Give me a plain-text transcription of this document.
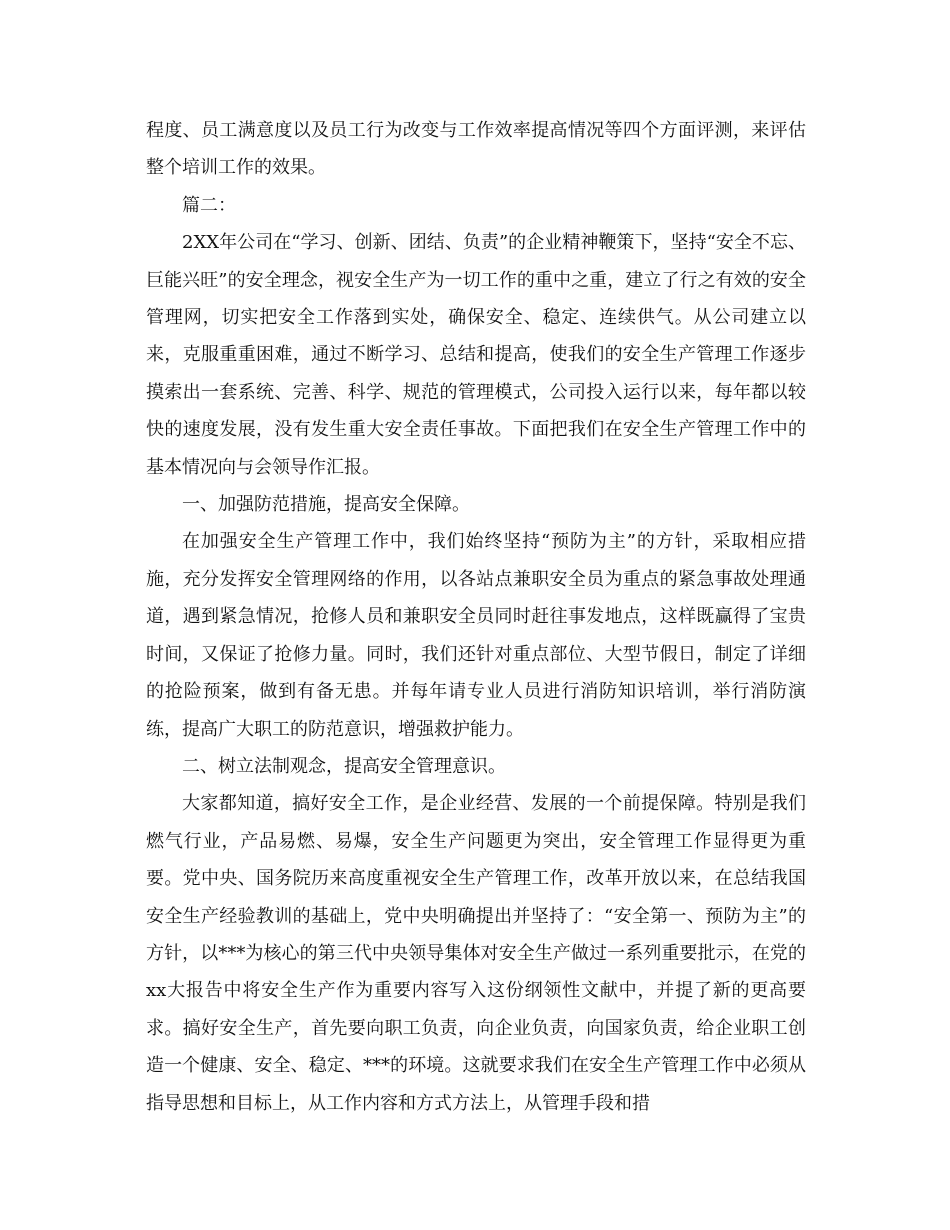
程度、员工满意度以及员工行为改变与工作效率提高情况等四个方面评测，来评估整个培训工作的效果。

篇二：

2XX年公司在“学习、创新、团结、负责”的企业精神鞭策下，坚持“安全不忘、巨能兴旺”的安全理念，视安全生产为一切工作的重中之重，建立了行之有效的安全管理网，切实把安全工作落到实处，确保安全、稳定、连续供气。从公司建立以来，克服重重困难，通过不断学习、总结和提高，使我们的安全生产管理工作逐步摸索出一套系统、完善、科学、规范的管理模式，公司投入运行以来，每年都以较快的速度发展，没有发生重大安全责任事故。下面把我们在安全生产管理工作中的基本情况向与会领导作汇报。

一、加强防范措施，提高安全保障。

在加强安全生产管理工作中，我们始终坚持“预防为主”的方针，采取相应措施，充分发挥安全管理网络的作用，以各站点兼职安全员为重点的紧急事故处理通道，遇到紧急情况，抢修人员和兼职安全员同时赶往事发地点，这样既赢得了宝贵时间，又保证了抢修力量。同时，我们还针对重点部位、大型节假日，制定了详细的抢险预案，做到有备无患。并每年请专业人员进行消防知识培训，举行消防演练，提高广大职工的防范意识，增强救护能力。

二、树立法制观念，提高安全管理意识。

大家都知道，搞好安全工作，是企业经营、发展的一个前提保障。特别是我们燃气行业，产品易燃、易爆，安全生产问题更为突出，安全管理工作显得更为重要。党中央、国务院历来高度重视安全生产管理工作，改革开放以来，在总结我国安全生产经验教训的基础上，党中央明确提出并坚持了：“安全第一、预防为主”的方针，以***为核心的第三代中央领导集体对安全生产做过一系列重要批示，在党的xx大报告中将安全生产作为重要内容写入这份纲领性文献中，并提了新的更高要求。搞好安全生产，首先要向职工负责，向企业负责，向国家负责，给企业职工创造一个健康、安全、稳定、***的环境。这就要求我们在安全生产管理工作中必须从指导思想和目标上，从工作内容和方式方法上，从管理手段和措
